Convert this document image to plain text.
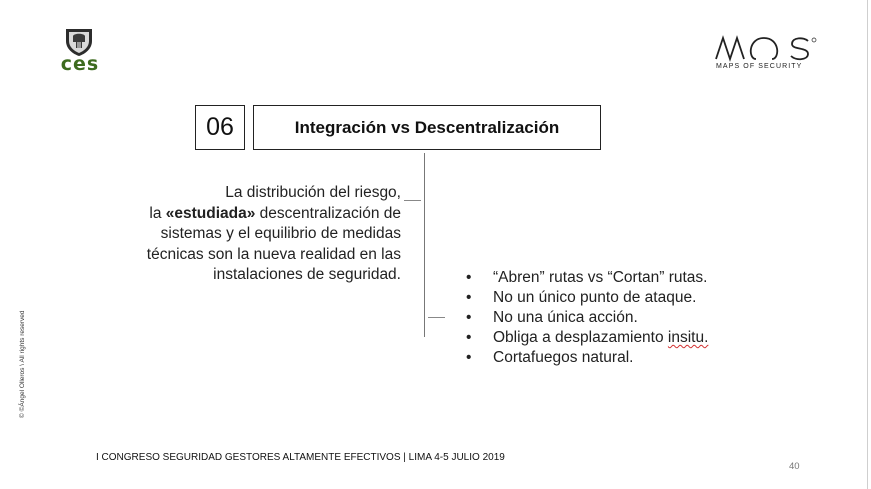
ces	MAPS OF SECURITY
06	Integración vs Descentralización
La distribución del riesgo,
la «estudiada» descentralización de
sistemas y el equilibrio de medidas
técnicas son la nueva realidad en las
instalaciones de seguridad.	• “Abren” rutas vs “Cortan” rutas.
• No un único punto de ataque.
• No una única acción.
• Obliga a desplazamiento insitu.
• Cortafuegos natural.
© ©Ángel Olleros \ All rights reserved
I CONGRESO SEGURIDAD GESTORES ALTAMENTE EFECTIVOS | LIMA 4-5 JULIO 2019
40
